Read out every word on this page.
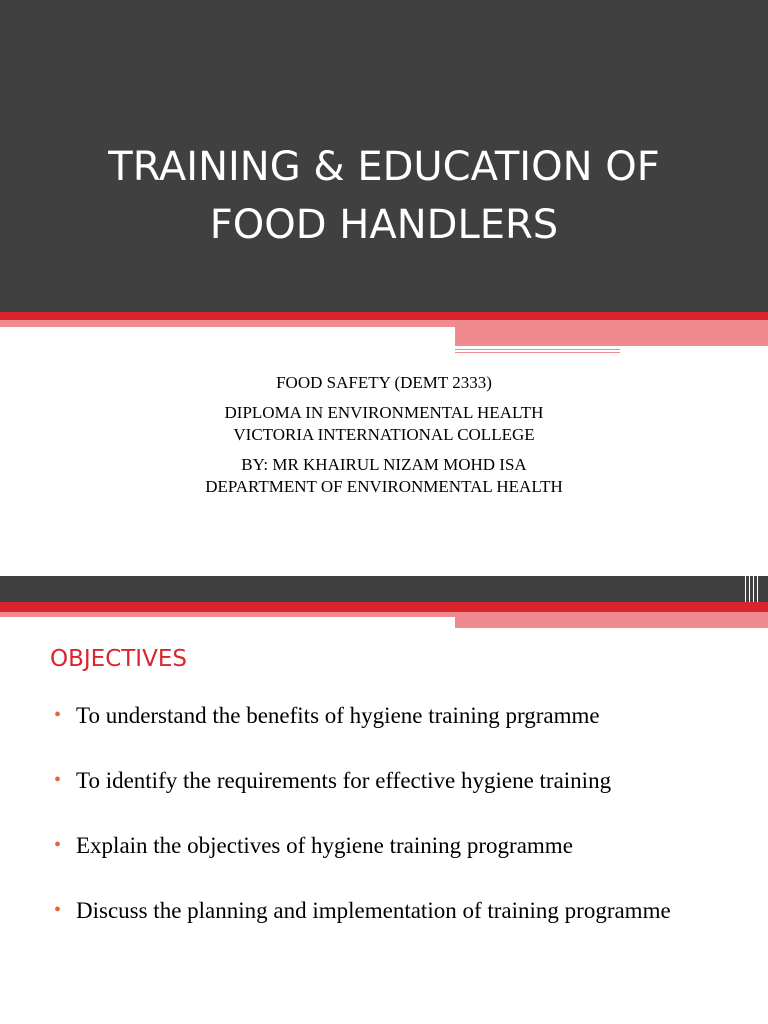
TRAINING & EDUCATION OF
FOOD HANDLERS

FOOD SAFETY (DEMT 2333)

DIPLOMA IN ENVIRONMENTAL HEALTH
VICTORIA INTERNATIONAL COLLEGE

BY: MR KHAIRUL NIZAM MOHD ISA
DEPARTMENT OF ENVIRONMENTAL HEALTH

OBJECTIVES
• To understand the benefits of hygiene training prgramme
• To identify the requirements for effective hygiene training
• Explain the objectives of hygiene training programme
• Discuss the planning and implementation of training programme
